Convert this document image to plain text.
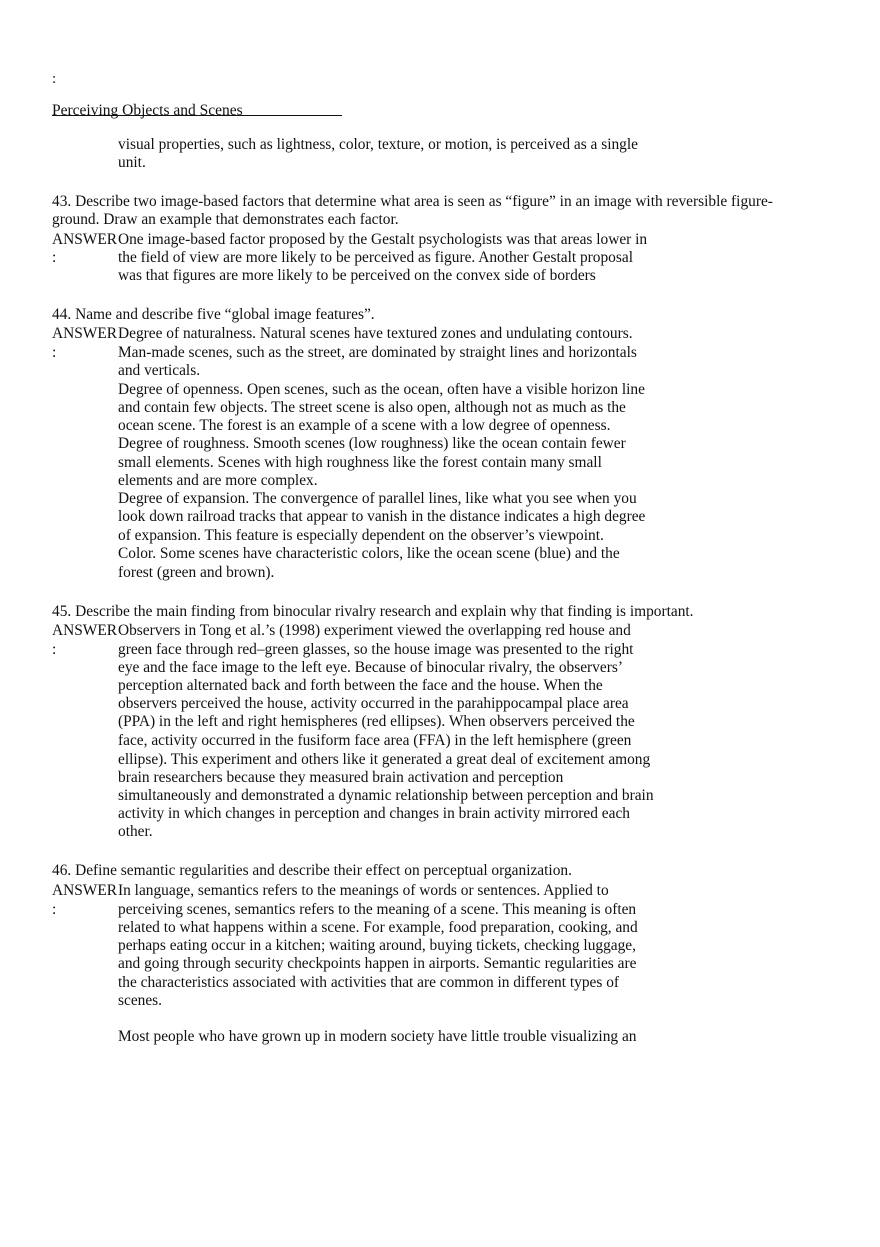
:
Perceiving Objects and Scenes
visual properties, such as lightness, color, texture, or motion, is perceived as a single
unit.
43. Describe two image-based factors that determine what area is seen as “figure” in an image with reversible figure-
ground. Draw an example that demonstrates each factor.
ANSWER
:
One image-based factor proposed by the Gestalt psychologists was that areas lower in
the field of view are more likely to be perceived as figure. Another Gestalt proposal
was that figures are more likely to be perceived on the convex side of borders
44. Name and describe five “global image features”.
ANSWER
:
Degree of naturalness. Natural scenes have textured zones and undulating contours.
Man-made scenes, such as the street, are dominated by straight lines and horizontals
and verticals.
Degree of openness. Open scenes, such as the ocean, often have a visible horizon line
and contain few objects. The street scene is also open, although not as much as the
ocean scene. The forest is an example of a scene with a low degree of openness.
Degree of roughness. Smooth scenes (low roughness) like the ocean contain fewer
small elements. Scenes with high roughness like the forest contain many small
elements and are more complex.
Degree of expansion. The convergence of parallel lines, like what you see when you
look down railroad tracks that appear to vanish in the distance indicates a high degree
of expansion. This feature is especially dependent on the observer’s viewpoint.
Color. Some scenes have characteristic colors, like the ocean scene (blue) and the
forest (green and brown).
45. Describe the main finding from binocular rivalry research and explain why that finding is important.
ANSWER
:
Observers in Tong et al.’s (1998) experiment viewed the overlapping red house and
green face through red–green glasses, so the house image was presented to the right
eye and the face image to the left eye. Because of binocular rivalry, the observers’
perception alternated back and forth between the face and the house. When the
observers perceived the house, activity occurred in the parahippocampal place area
(PPA) in the left and right hemispheres (red ellipses). When observers perceived the
face, activity occurred in the fusiform face area (FFA) in the left hemisphere (green
ellipse). This experiment and others like it generated a great deal of excitement among
brain researchers because they measured brain activation and perception
simultaneously and demonstrated a dynamic relationship between perception and brain
activity in which changes in perception and changes in brain activity mirrored each
other.
46. Define semantic regularities and describe their effect on perceptual organization.
ANSWER
:
In language, semantics refers to the meanings of words or sentences. Applied to
perceiving scenes, semantics refers to the meaning of a scene. This meaning is often
related to what happens within a scene. For example, food preparation, cooking, and
perhaps eating occur in a kitchen; waiting around, buying tickets, checking luggage,
and going through security checkpoints happen in airports. Semantic regularities are
the characteristics associated with activities that are common in different types of
scenes.
Most people who have grown up in modern society have little trouble visualizing an
